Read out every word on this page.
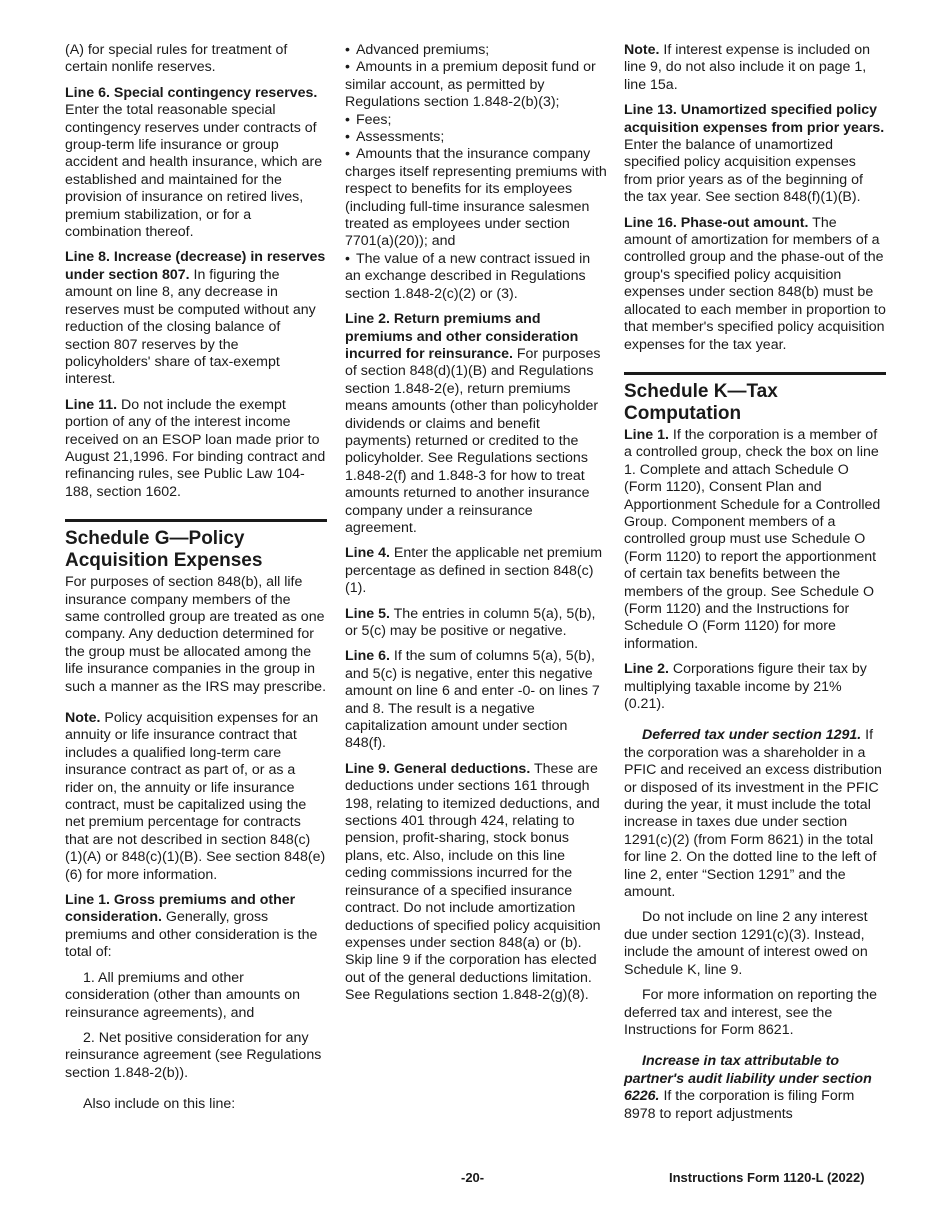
(A) for special rules for treatment of certain nonlife reserves.

Line 6. Special contingency reserves. Enter the total reasonable special contingency reserves under contracts of group-term life insurance or group accident and health insurance, which are established and maintained for the provision of insurance on retired lives, premium stabilization, or for a combination thereof.

Line 8. Increase (decrease) in reserves under section 807. In figuring the amount on line 8, any decrease in reserves must be computed without any reduction of the closing balance of section 807 reserves by the policyholders' share of tax-exempt interest.

Line 11. Do not include the exempt portion of any of the interest income received on an ESOP loan made prior to August 21,1996. For binding contract and refinancing rules, see Public Law 104-188, section 1602.

Schedule G—Policy Acquisition Expenses

For purposes of section 848(b), all life insurance company members of the same controlled group are treated as one company. Any deduction determined for the group must be allocated among the life insurance companies in the group in such a manner as the IRS may prescribe.

Note. Policy acquisition expenses for an annuity or life insurance contract that includes a qualified long-term care insurance contract as part of, or as a rider on, the annuity or life insurance contract, must be capitalized using the net premium percentage for contracts that are not described in section 848(c)(1)(A) or 848(c)(1)(B). See section 848(e)(6) for more information.

Line 1. Gross premiums and other consideration. Generally, gross premiums and other consideration is the total of:

1. All premiums and other consideration (other than amounts on reinsurance agreements), and

2. Net positive consideration for any reinsurance agreement (see Regulations section 1.848-2(b)).

Also include on this line:

• Advanced premiums;

• Amounts in a premium deposit fund or similar account, as permitted by Regulations section 1.848-2(b)(3);

• Fees;

• Assessments;

• Amounts that the insurance company charges itself representing premiums with respect to benefits for its employees (including full-time insurance salesmen treated as employees under section 7701(a)(20)); and

• The value of a new contract issued in an exchange described in Regulations section 1.848-2(c)(2) or (3).

Line 2. Return premiums and premiums and other consideration incurred for reinsurance. For purposes of section 848(d)(1)(B) and Regulations section 1.848-2(e), return premiums means amounts (other than policyholder dividends or claims and benefit payments) returned or credited to the policyholder. See Regulations sections 1.848-2(f) and 1.848-3 for how to treat amounts returned to another insurance company under a reinsurance agreement.

Line 4. Enter the applicable net premium percentage as defined in section 848(c)(1).

Line 5. The entries in column 5(a), 5(b), or 5(c) may be positive or negative.

Line 6. If the sum of columns 5(a), 5(b), and 5(c) is negative, enter this negative amount on line 6 and enter -0- on lines 7 and 8. The result is a negative capitalization amount under section 848(f).

Line 9. General deductions. These are deductions under sections 161 through 198, relating to itemized deductions, and sections 401 through 424, relating to pension, profit-sharing, stock bonus plans, etc. Also, include on this line ceding commissions incurred for the reinsurance of a specified insurance contract. Do not include amortization deductions of specified policy acquisition expenses under section 848(a) or (b). Skip line 9 if the corporation has elected out of the general deductions limitation. See Regulations section 1.848-2(g)(8).

Note. If interest expense is included on line 9, do not also include it on page 1, line 15a.

Line 13. Unamortized specified policy acquisition expenses from prior years. Enter the balance of unamortized specified policy acquisition expenses from prior years as of the beginning of the tax year. See section 848(f)(1)(B).

Line 16. Phase-out amount. The amount of amortization for members of a controlled group and the phase-out of the group's specified policy acquisition expenses under section 848(b) must be allocated to each member in proportion to that member's specified policy acquisition expenses for the tax year.

Schedule K—Tax Computation

Line 1. If the corporation is a member of a controlled group, check the box on line 1. Complete and attach Schedule O (Form 1120), Consent Plan and Apportionment Schedule for a Controlled Group. Component members of a controlled group must use Schedule O (Form 1120) to report the apportionment of certain tax benefits between the members of the group. See Schedule O (Form 1120) and the Instructions for Schedule O (Form 1120) for more information.

Line 2. Corporations figure their tax by multiplying taxable income by 21% (0.21).

Deferred tax under section 1291. If the corporation was a shareholder in a PFIC and received an excess distribution or disposed of its investment in the PFIC during the year, it must include the total increase in taxes due under section 1291(c)(2) (from Form 8621) in the total for line 2. On the dotted line to the left of line 2, enter “Section 1291” and the amount.

Do not include on line 2 any interest due under section 1291(c)(3). Instead, include the amount of interest owed on Schedule K, line 9.

For more information on reporting the deferred tax and interest, see the Instructions for Form 8621.

Increase in tax attributable to partner's audit liability under section 6226. If the corporation is filing Form 8978 to report adjustments

-20-	Instructions Form 1120-L (2022)
